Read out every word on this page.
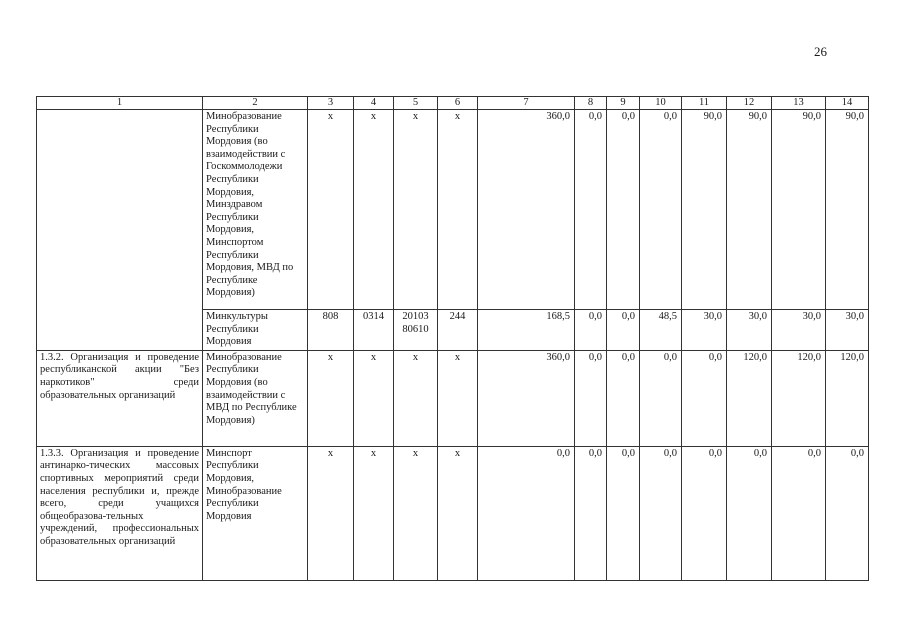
26
1	2	3	4	5	6	7	8	9	10	11	12	13	14
	Минобразование Республики Мордовия (во взаимодействии с Госкоммолодежи Республики Мордовия, Минздравом Республики Мордовия, Минспортом Республики Мордовия, МВД по Республике Мордовия)	х	х	х	х	360,0	0,0	0,0	0,0	90,0	90,0	90,0	90,0
	Минкультуры Республики Мордовия	808	0314	20103 80610	244	168,5	0,0	0,0	48,5	30,0	30,0	30,0	30,0
1.3.2. Организация и проведение республиканской акции "Без наркотиков" среди образовательных организаций	Минобразование Республики Мордовия (во взаимодействии с МВД по Республике Мордовия)	х	х	х	х	360,0	0,0	0,0	0,0	0,0	120,0	120,0	120,0
1.3.3. Организация и проведение антинарко-тических массовых спортивных мероприятий среди населения республики и, прежде всего, среди учащихся общеобразова-тельных учреждений, профессиональных образовательных организаций	Минспорт Республики Мордовия, Минобразование Республики Мордовия	х	х	х	х	0,0	0,0	0,0	0,0	0,0	0,0	0,0	0,0
